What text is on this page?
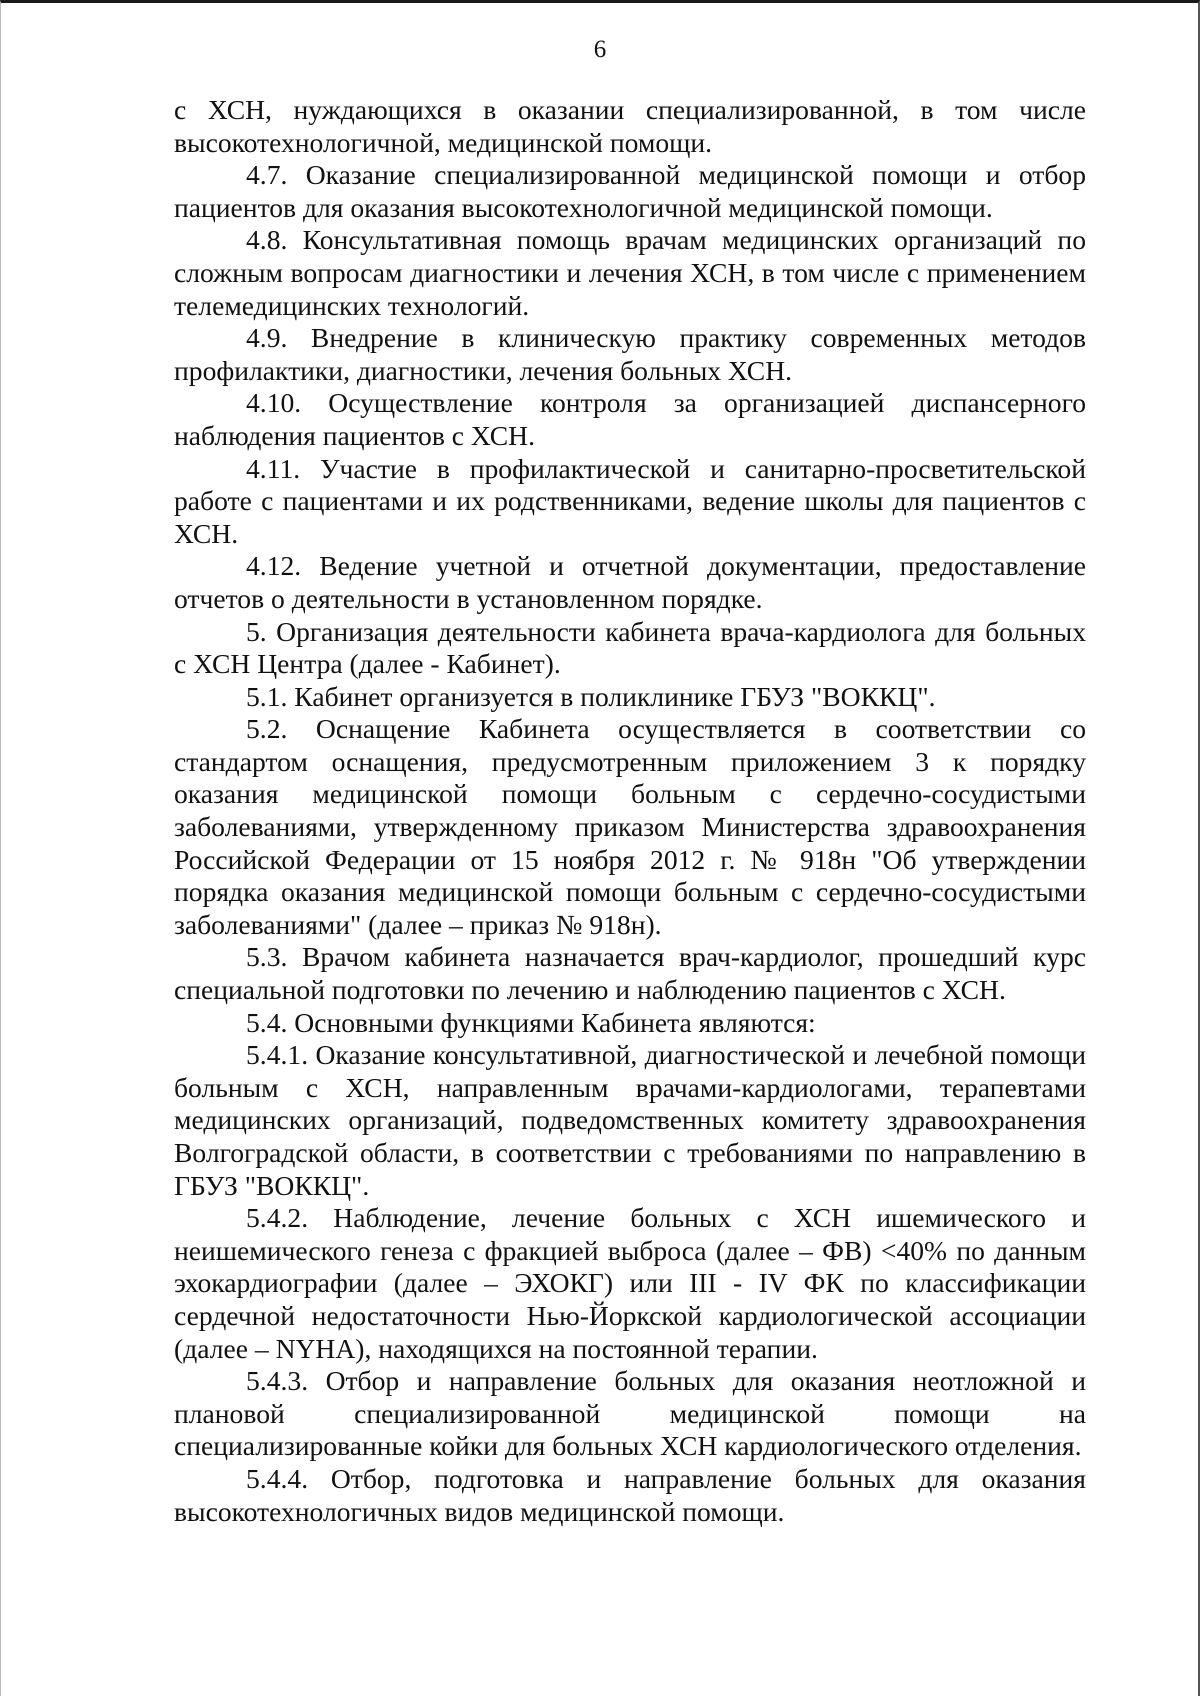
6

с ХСН, нуждающихся в оказании специализированной, в том числе высокотехнологичной, медицинской помощи.

4.7. Оказание специализированной медицинской помощи и отбор пациентов для оказания высокотехнологичной медицинской помощи.

4.8. Консультативная помощь врачам медицинских организаций по сложным вопросам диагностики и лечения ХСН, в том числе с применением телемедицинских технологий.

4.9. Внедрение в клиническую практику современных методов профилактики, диагностики, лечения больных ХСН.

4.10. Осуществление контроля за организацией диспансерного наблюдения пациентов с ХСН.

4.11. Участие в профилактической и санитарно-просветительской работе с пациентами и их родственниками, ведение школы для пациентов с ХСН.

4.12. Ведение учетной и отчетной документации, предоставление отчетов о деятельности в установленном порядке.

5. Организация деятельности кабинета врача-кардиолога для больных с ХСН Центра (далее - Кабинет).

5.1. Кабинет организуется в поликлинике ГБУЗ "ВОККЦ".

5.2. Оснащение Кабинета осуществляется в соответствии со стандартом оснащения, предусмотренным приложением 3 к порядку оказания медицинской помощи больным с сердечно-сосудистыми заболеваниями, утвержденному приказом Министерства здравоохранения Российской Федерации от 15 ноября 2012 г. № 918н "Об утверждении порядка оказания медицинской помощи больным с сердечно-сосудистыми заболеваниями" (далее – приказ № 918н).

5.3. Врачом кабинета назначается врач-кардиолог, прошедший курс специальной подготовки по лечению и наблюдению пациентов с ХСН.

5.4. Основными функциями Кабинета являются:

5.4.1. Оказание консультативной, диагностической и лечебной помощи больным с ХСН, направленным врачами-кардиологами, терапевтами медицинских организаций, подведомственных комитету здравоохранения Волгоградской области, в соответствии с требованиями по направлению в ГБУЗ "ВОККЦ".

5.4.2. Наблюдение, лечение больных с ХСН ишемического и неишемического генеза с фракцией выброса (далее – ФВ) <40% по данным эхокардиографии (далее – ЭХОКГ) или III - IV ФК по классификации сердечной недостаточности Нью-Йоркской кардиологической ассоциации (далее – NYHA), находящихся на постоянной терапии.

5.4.3. Отбор и направление больных для оказания неотложной и плановой специализированной медицинской помощи на специализированные койки для больных ХСН кардиологического отделения.

5.4.4. Отбор, подготовка и направление больных для оказания высокотехнологичных видов медицинской помощи.
